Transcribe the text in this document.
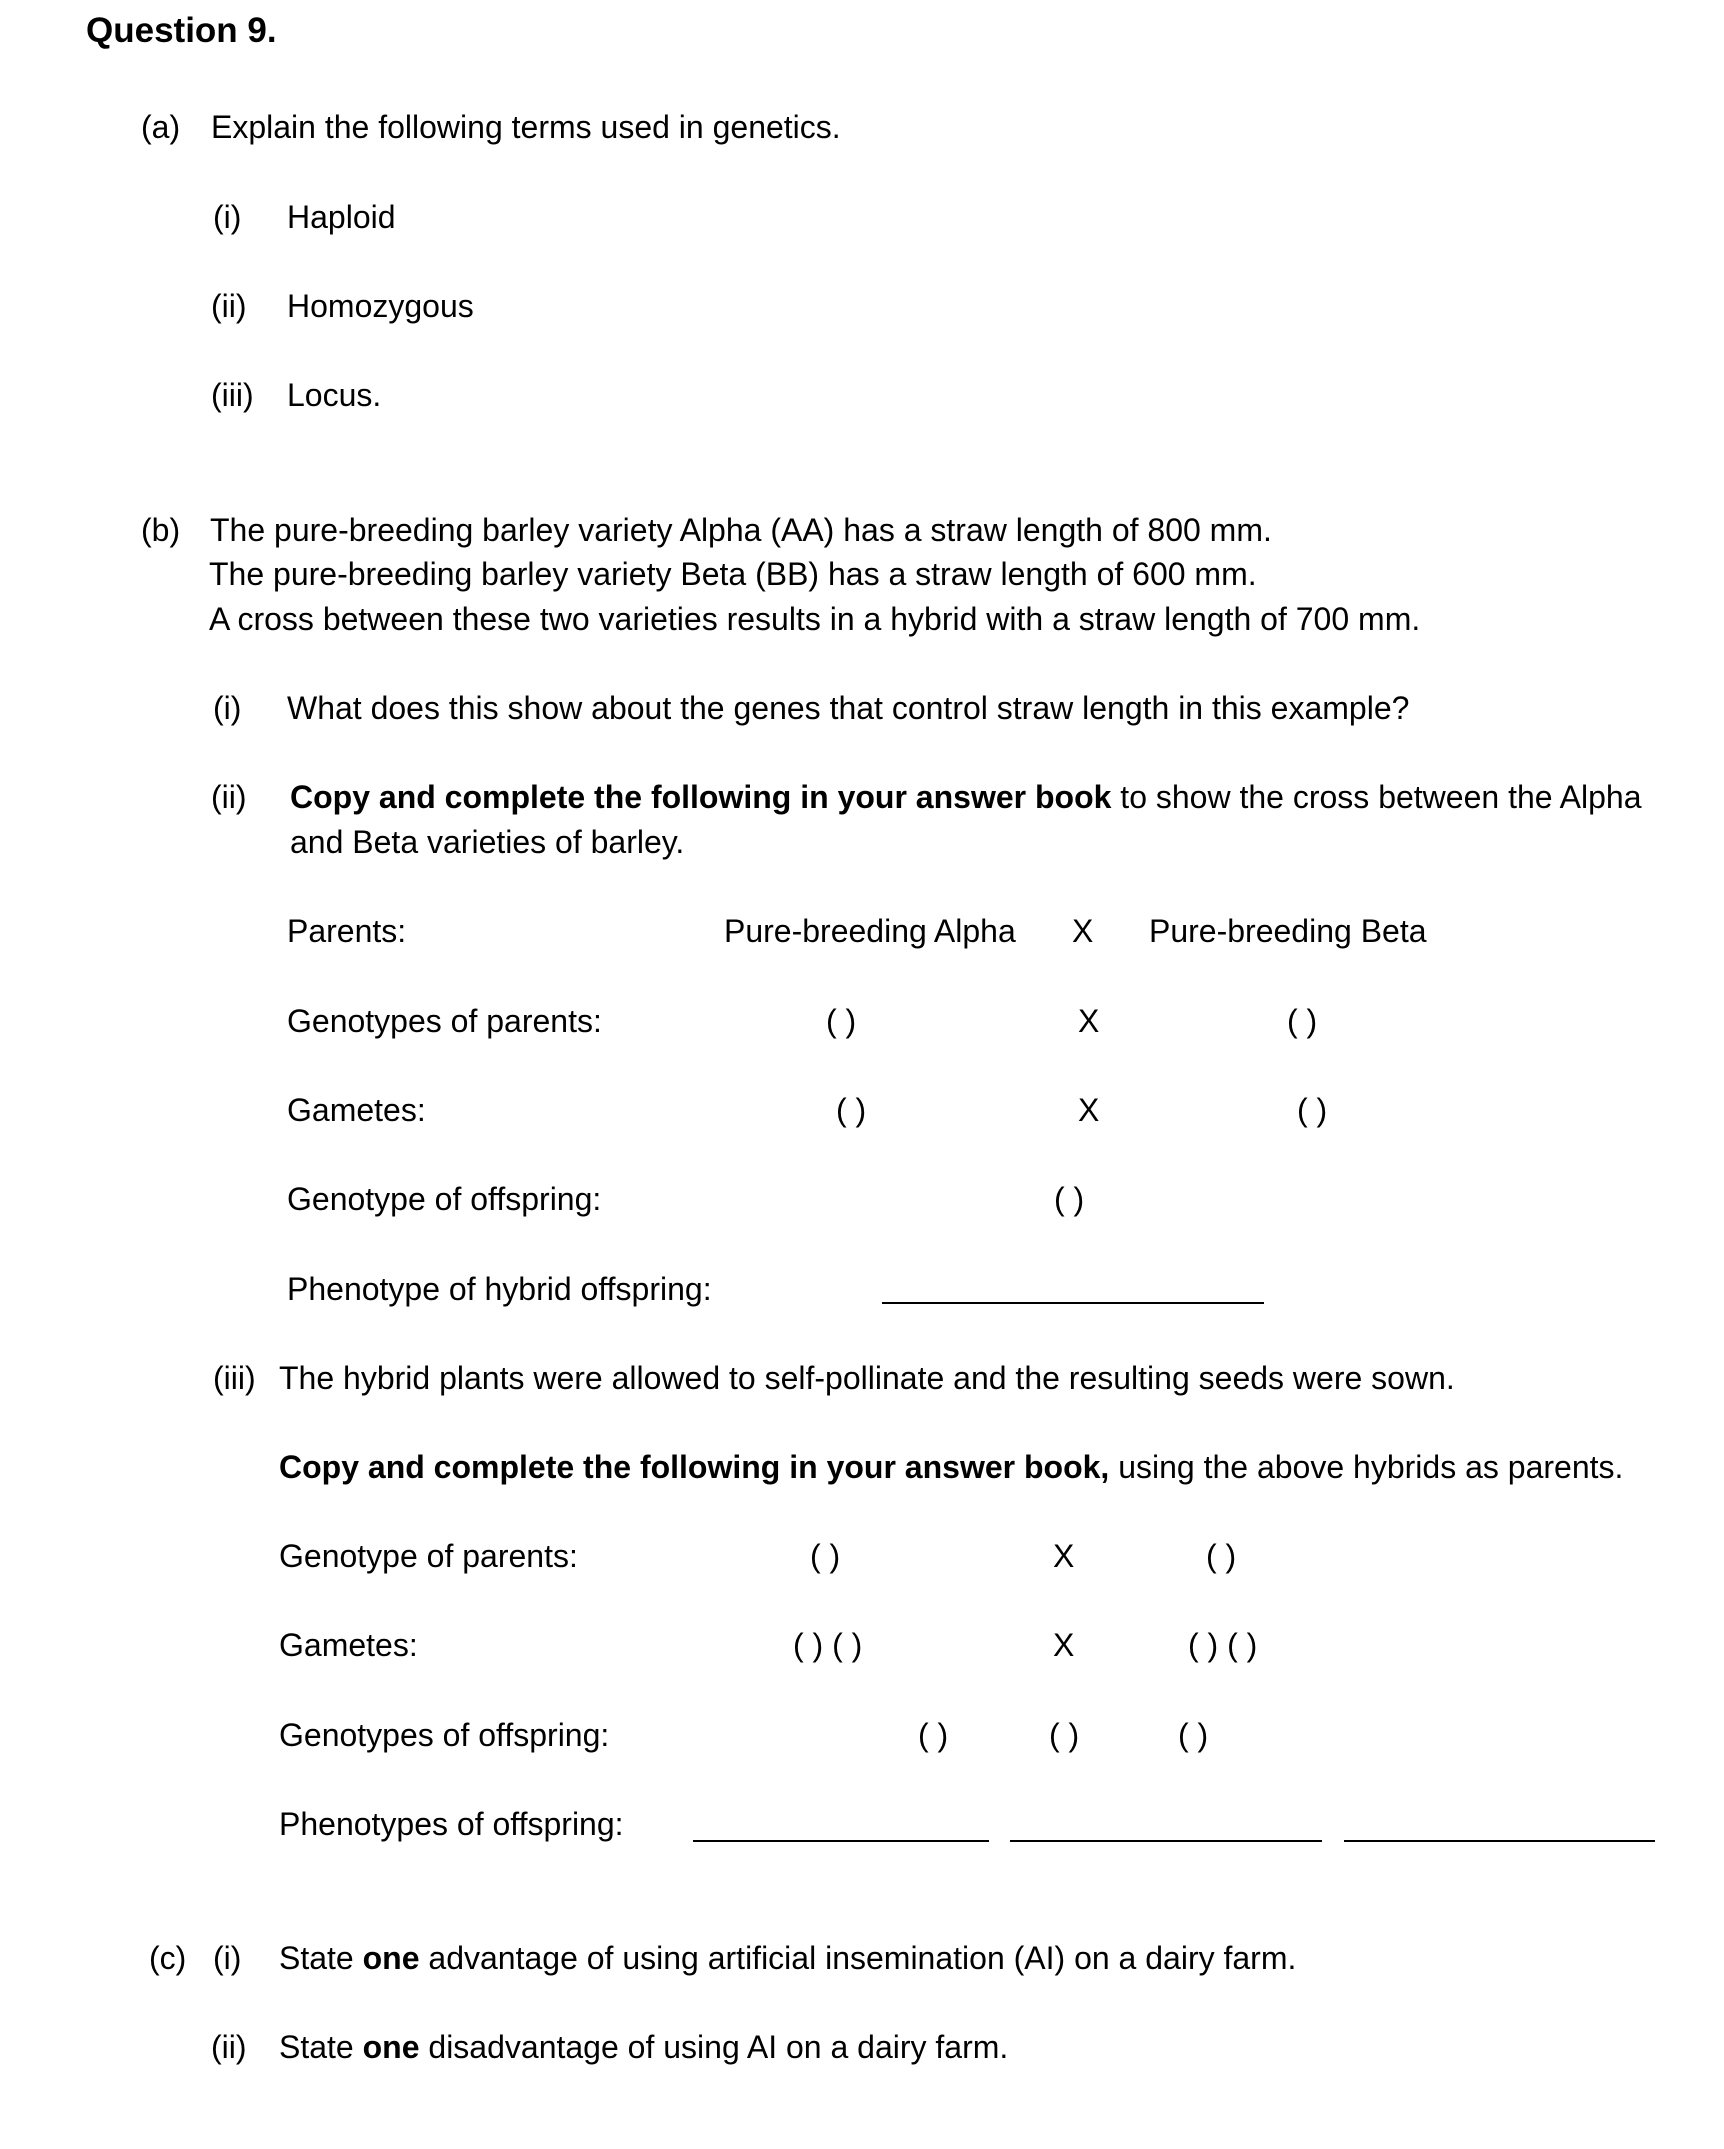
Question 9.
(a) Explain the following terms used in genetics.
(i) Haploid
(ii) Homozygous
(iii) Locus.
(b) The pure-breeding barley variety Alpha (AA) has a straw length of 800 mm.
The pure-breeding barley variety Beta (BB) has a straw length of 600 mm.
A cross between these two varieties results in a hybrid with a straw length of 700 mm.
(i) What does this show about the genes that control straw length in this example?
(ii) Copy and complete the following in your answer book to show the cross between the Alpha
and Beta varieties of barley.
Parents:	Pure-breeding Alpha X Pure-breeding Beta
Genotypes of parents:	( )	X	( )
Gametes:	( )	X	( )
Genotype of offspring:	( )
Phenotype of hybrid offspring:
(iii) The hybrid plants were allowed to self-pollinate and the resulting seeds were sown.
Copy and complete the following in your answer book, using the above hybrids as parents.
Genotype of parents:	( )	X	( )
Gametes:	( ) ( )	X	( ) ( )
Genotypes of offspring:	( )	( )	( )
Phenotypes of offspring:
(c) (i) State one advantage of using artificial insemination (AI) on a dairy farm.
(ii) State one disadvantage of using AI on a dairy farm.
